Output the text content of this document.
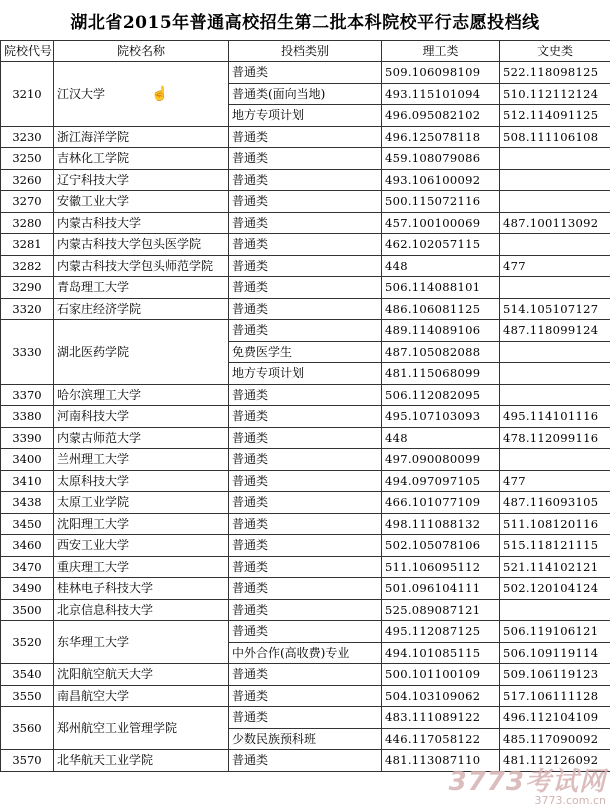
湖北省2015年普通高校招生第二批本科院校平行志愿投档线
院校代号	院校名称	投档类别	理工类	文史类
3210	江汉大学 ☝	普通类	509.106098109	522.118098125
		普通类(面向当地)	493.115101094	510.112112124
		地方专项计划	496.095082102	512.114091125
3230	浙江海洋学院	普通类	496.125078118	508.111106108
3250	吉林化工学院	普通类	459.108079086	
3260	辽宁科技大学	普通类	493.106100092	
3270	安徽工业大学	普通类	500.115072116	
3280	内蒙古科技大学	普通类	457.100100069	487.100113092
3281	内蒙古科技大学包头医学院	普通类	462.102057115	
3282	内蒙古科技大学包头师范学院	普通类	448	477
3290	青岛理工大学	普通类	506.114088101	
3320	石家庄经济学院	普通类	486.106081125	514.105107127
3330	湖北医药学院	普通类	489.114089106	487.118099124
		免费医学生	487.105082088	
		地方专项计划	481.115068099	
3370	哈尔滨理工大学	普通类	506.112082095	
3380	河南科技大学	普通类	495.107103093	495.114101116
3390	内蒙古师范大学	普通类	448	478.112099116
3400	兰州理工大学	普通类	497.090080099	
3410	太原科技大学	普通类	494.097097105	477
3438	太原工业学院	普通类	466.101077109	487.116093105
3450	沈阳理工大学	普通类	498.111088132	511.108120116
3460	西安工业大学	普通类	502.105078106	515.118121115
3470	重庆理工大学	普通类	511.106095112	521.114102121
3490	桂林电子科技大学	普通类	501.096104111	502.120104124
3500	北京信息科技大学	普通类	525.089087121	
3520	东华理工大学	普通类	495.112087125	506.119106121
		中外合作(高收费)专业	494.101085115	506.109119114
3540	沈阳航空航天大学	普通类	500.101100109	509.106119123
3550	南昌航空大学	普通类	504.103109062	517.106111128
3560	郑州航空工业管理学院	普通类	483.111089122	496.112104109
		少数民族预科班	446.117058122	485.117090092
3570	北华航天工业学院	普通类	481.113087110	481.112126092
3773考试网
3773.com.cn
